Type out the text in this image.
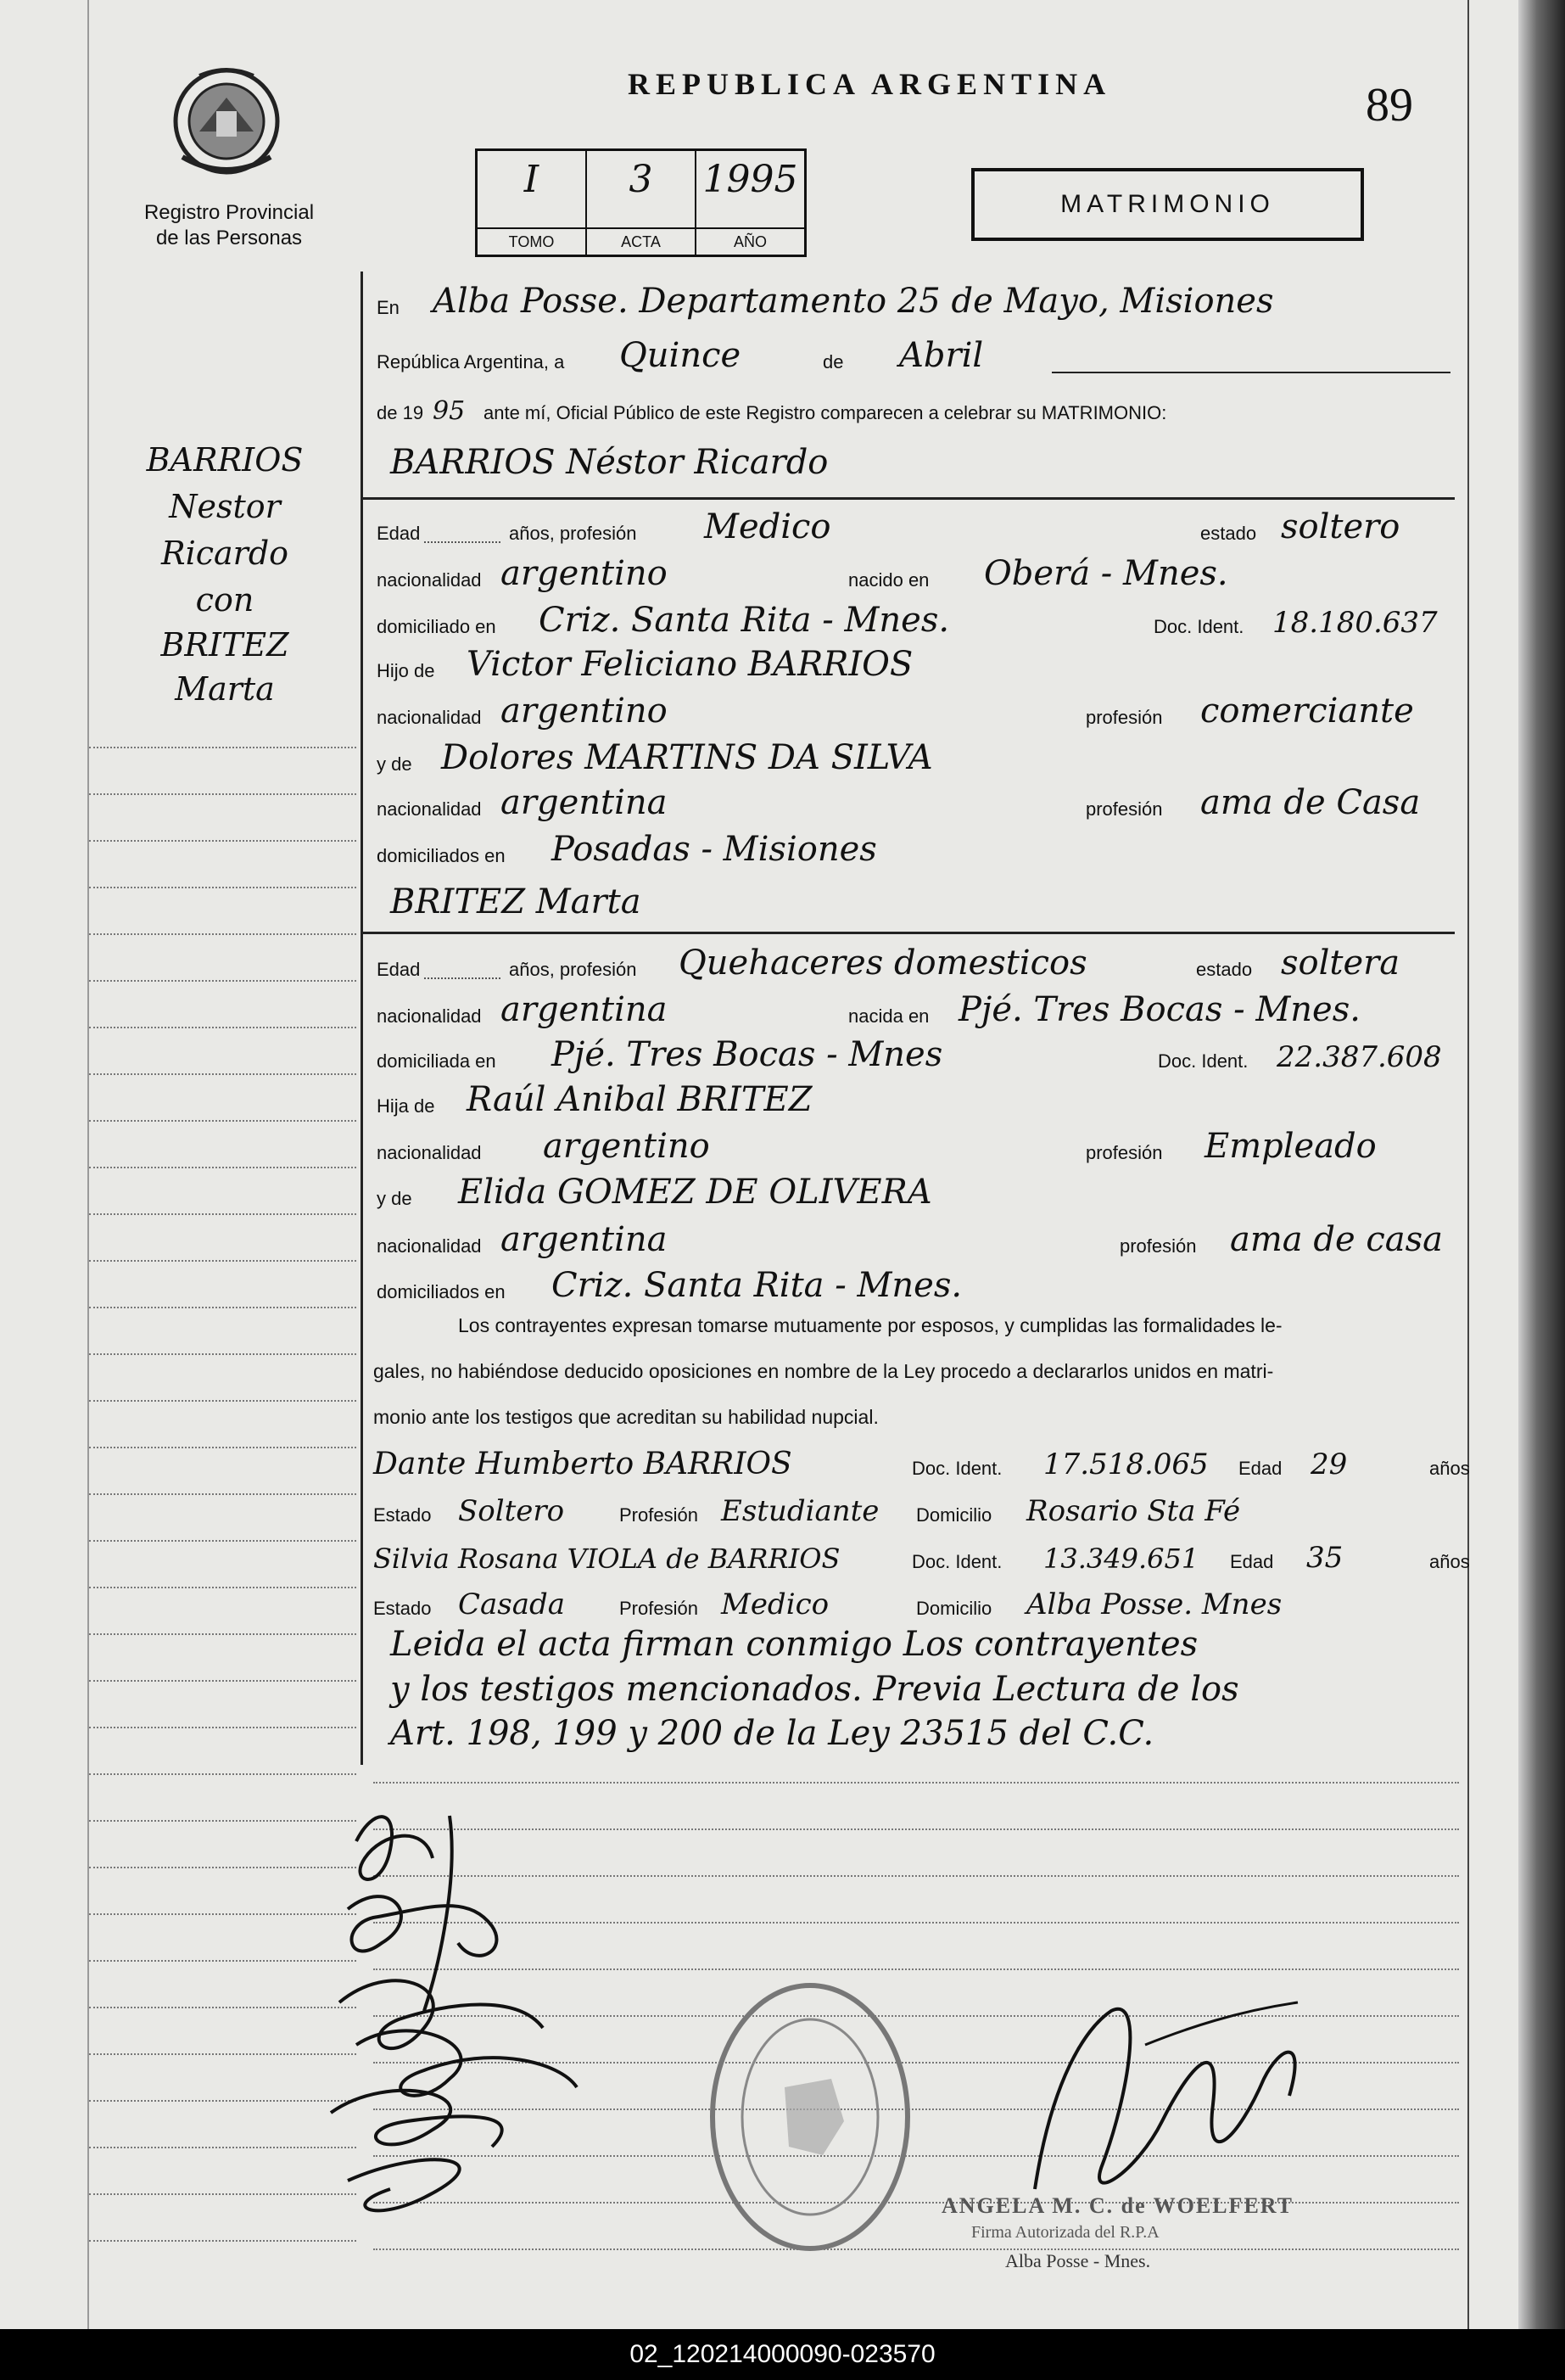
Registro Provincial
de las Personas
REPUBLICA ARGENTINA	89
I
TOMO
3
ACTA
1995
AÑO
MATRIMONIO
En Alba Posse. Departamento 25 de Mayo, Misiones
República Argentina, a Quince	de Abril
de 19 95 ante mí, Oficial Público de este Registro comparecen a celebrar su MATRIMONIO:
BARRIOS
Nestor
Ricardo
con
BRITEZ
Marta
BARRIOS Néstor Ricardo
Edad	años, profesión Medico	estado soltero
nacionalidad argentino	nacido en Oberá - Mnes.
domiciliado en Criz. Santa Rita - Mnes.	Doc. Ident. 18.180.637
Hijo de Victor Feliciano BARRIOS
nacionalidad argentino	profesión comerciante
y de Dolores MARTINS DA SILVA
nacionalidad argentina	profesión ama de Casa
domiciliados en Posadas - Misiones
BRITEZ Marta
Edad	años, profesión Quehaceres domesticos	estado soltera
nacionalidad argentina	nacida en Pjé. Tres Bocas - Mnes.
domiciliada en Pjé. Tres Bocas - Mnes	Doc. Ident. 22.387.608
Hija de Raúl Anibal BRITEZ
nacionalidad argentino	profesión Empleado
y de Elida GOMEZ DE OLIVERA
nacionalidad argentina	profesión ama de casa
domiciliados en Criz. Santa Rita - Mnes.
Los contrayentes expresan tomarse mutuamente por esposos, y cumplidas las formalidades le-
gales, no habiéndose deducido oposiciones en nombre de la Ley procedo a declararlos unidos en matri-
monio ante los testigos que acreditan su habilidad nupcial.
Dante Humberto BARRIOS	Doc. Ident. 17.518.065 Edad 29	años
Estado Soltero	Profesión Estudiante Domicilio Rosario Sta Fé
Silvia Rosana VIOLA de BARRIOS	Doc. Ident. 13.349.651 Edad 35	años
Estado Casada	Profesión Medico	Domicilio Alba Posse. Mnes
Leida el acta firman conmigo Los contrayentes
y los testigos mencionados. Previa Lectura de los
Art. 198, 199 y 200 de la Ley 23515 del C.C.
ANGELA M. C. de WOELFERT
Firma Autorizada del R.P.A
Alba Posse - Mnes.
02_120214000090-023570
